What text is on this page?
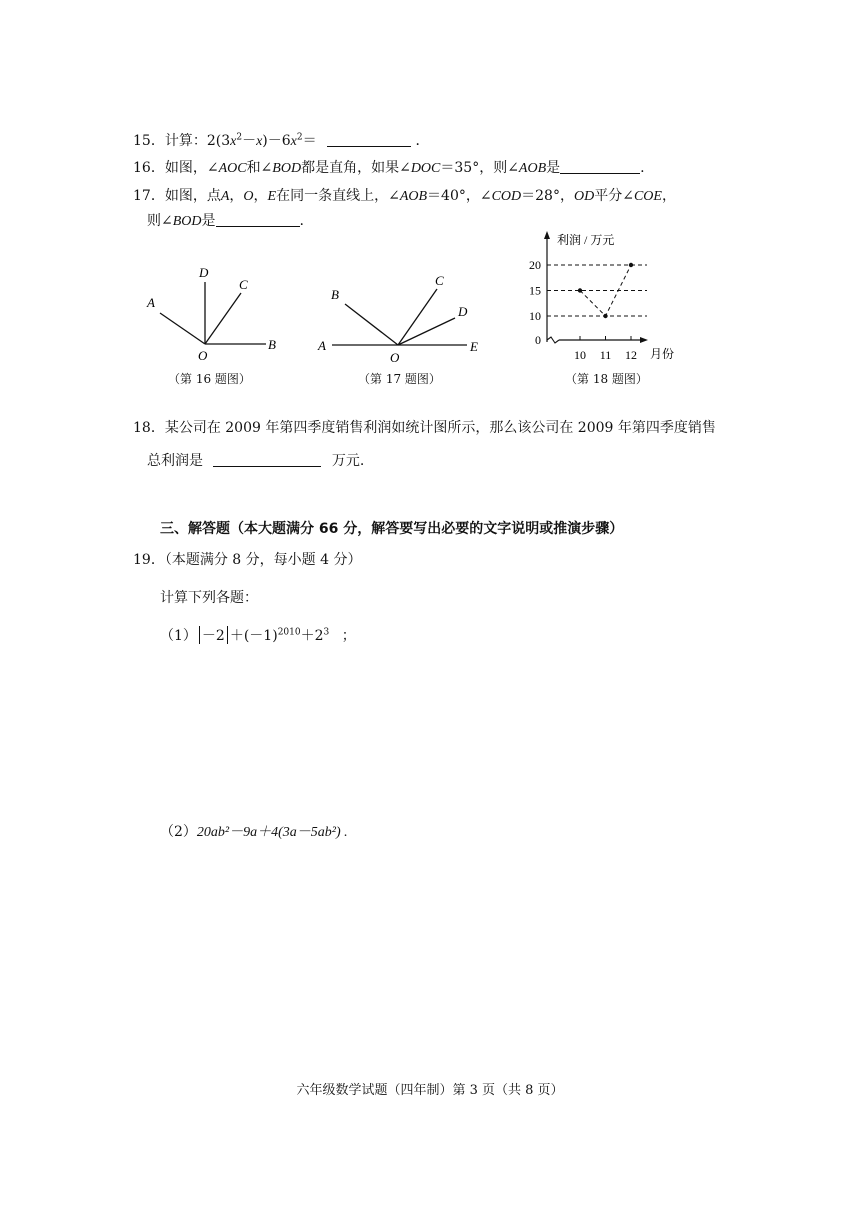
15．计算：$2(3x^2-x)-6x^2=$	．
16．如图，∠AOC和∠BOD都是直角，如果∠DOC＝35°，则∠AOB是	.
17．如图，点A，O，E在同一条直线上，∠AOB＝40°，∠COD＝28°，OD平分∠COE，
则∠BOD是	.
A
D
C
O
B
（第 16 题图）
A
B
C
D
O
E
（第 17 题图）
利润 / 万元
月份
0
10
15
20
10 11 12
（第 18 题图）
18．某公司在 2009 年第四季度销售利润如统计图所示，那么该公司在 2009 年第四季度销售
总利润是	万元.
三、解答题（本大题满分 66 分，解答要写出必要的文字说明或推演步骤）
19．（本题满分 8 分，每小题 4 分）
计算下列各题：
$(1) -2 +(-1)^{2010}+2^3$ ；
（2）20ab²－9a＋4(3a－5ab²) .
六年级数学试题（四年制）第 3 页（共 8 页）
